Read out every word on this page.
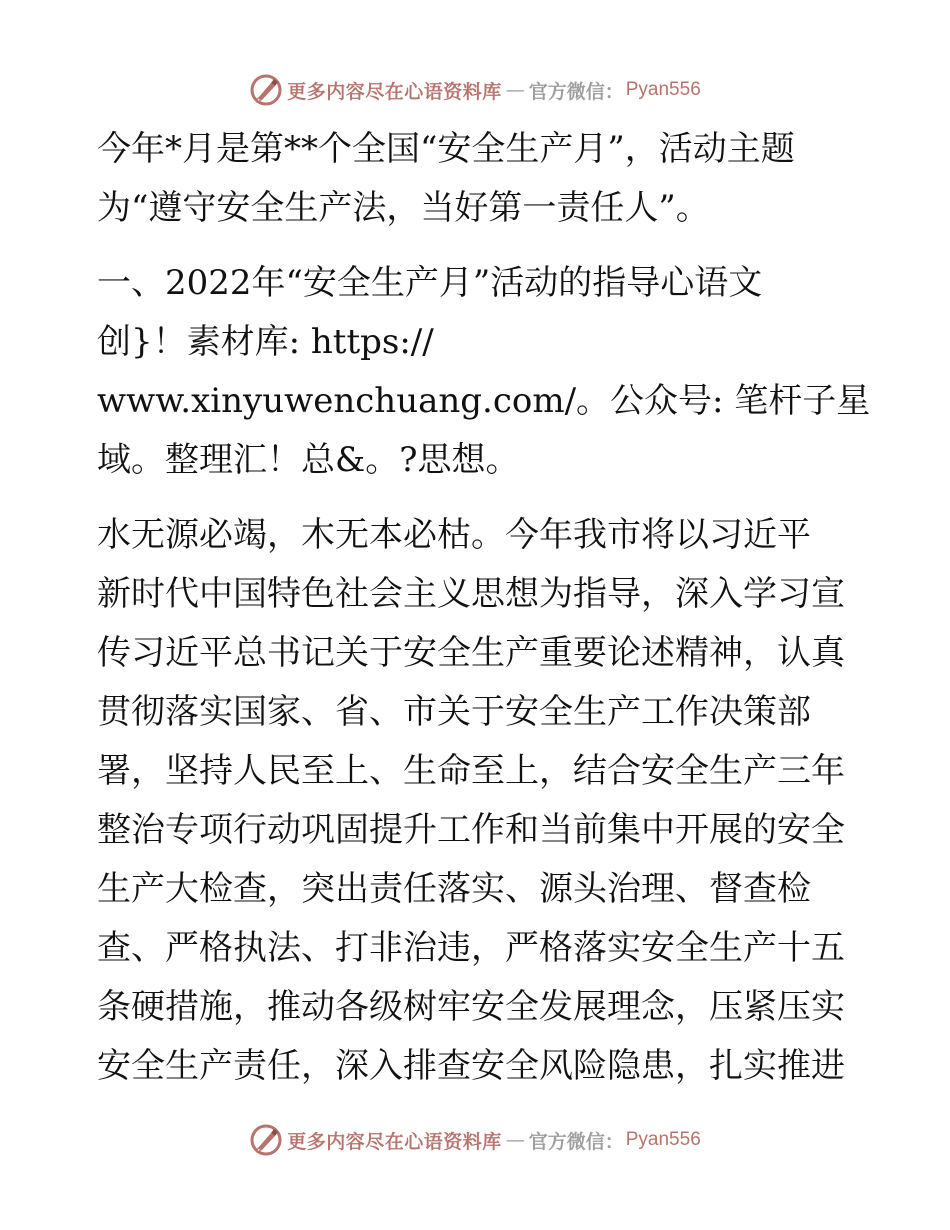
更多内容尽在心语资料库 — 官方微信： Pyan556

今年*月是第**个全国“安全生产月”，活动主题
为“遵守安全生产法，当好第一责任人”。

一、2022年“安全生产月”活动的指导心语文
创}！素材库: https://
www.xinyuwenchuang.com/。公众号: 笔杆子星
域。整理汇！总&。?思想。

水无源必竭，木无本必枯。今年我市将以习近平
新时代中国特色社会主义思想为指导，深入学习宣
传习近平总书记关于安全生产重要论述精神，认真
贯彻落实国家、省、市关于安全生产工作决策部
署，坚持人民至上、生命至上，结合安全生产三年
整治专项行动巩固提升工作和当前集中开展的安全
生产大检查，突出责任落实、源头治理、督查检
查、严格执法、打非治违，严格落实安全生产十五
条硬措施，推动各级树牢安全发展理念，压紧压实
安全生产责任，深入排查安全风险隐患，扎实推进

更多内容尽在心语资料库 — 官方微信： Pyan556
